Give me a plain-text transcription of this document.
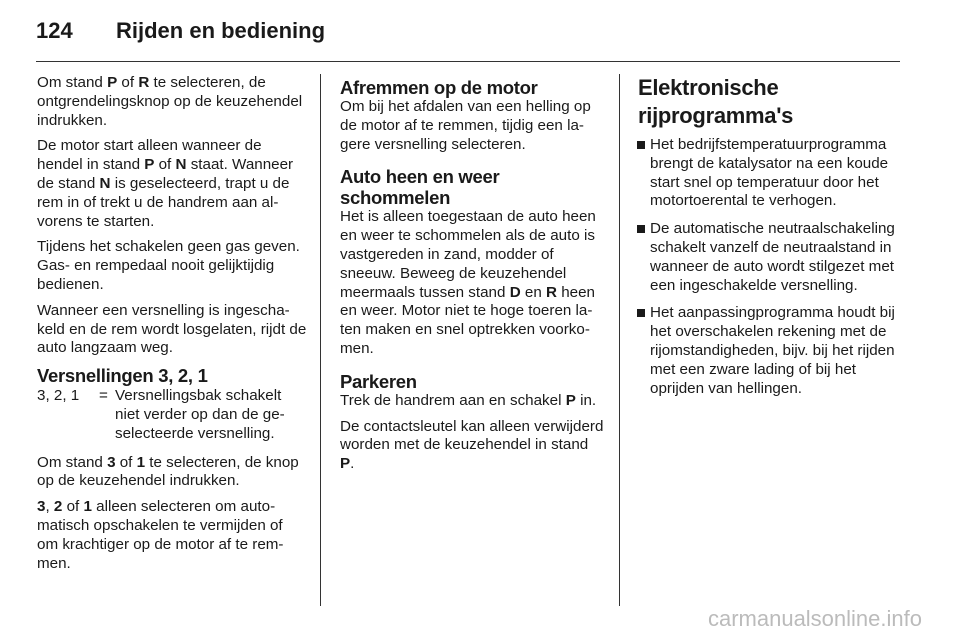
124	Rijden en bediening

Om stand P of R te selecteren, de ontgrendelingsknop op de keuzehendel indrukken.

De motor start alleen wanneer de hendel in stand P of N staat. Wanneer de stand N is geselecteerd, trapt u de rem in of trekt u de handrem aan alvorens te starten.

Tijdens het schakelen geen gas geven. Gas- en rempedaal nooit gelijktijdig bedienen.

Wanneer een versnelling is ingeschakeld en de rem wordt losgelaten, rijdt de auto langzaam weg.

Versnellingen 3, 2, 1
3, 2, 1	= Versnellingsbak schakelt niet verder op dan de geselecteerde versnelling.

Om stand 3 of 1 te selecteren, de knop op de keuzehendel indrukken.

3, 2 of 1 alleen selecteren om automatisch opschakelen te vermijden of om krachtiger op de motor af te remmen.

Afremmen op de motor

Om bij het afdalen van een helling op de motor af te remmen, tijdig een lagere versnelling selecteren.

Auto heen en weer schommelen

Het is alleen toegestaan de auto heen en weer te schommelen als de auto is vastgereden in zand, modder of sneeuw. Beweeg de keuzehendel meermaals tussen stand D en R heen en weer. Motor niet te hoge toeren laten maken en snel optrekken voorkomen.

Parkeren

Trek de handrem aan en schakel P in.

De contactsleutel kan alleen verwijderd worden met de keuzehendel in stand P.

Elektronische rijprogramma's
Het bedrijfstemperatuurprogramma brengt de katalysator na een koude start snel op temperatuur door het motortoerental te verhogen.
De automatische neutraalschakeling schakelt vanzelf de neutraalstand in wanneer de auto wordt stilgezet met een ingeschakelde versnelling.
Het aanpassingprogramma houdt bij het overschakelen rekening met de rijomstandigheden, bijv. bij het rijden met een zware lading of bij het oprijden van hellingen.
carmanualsonline.info
